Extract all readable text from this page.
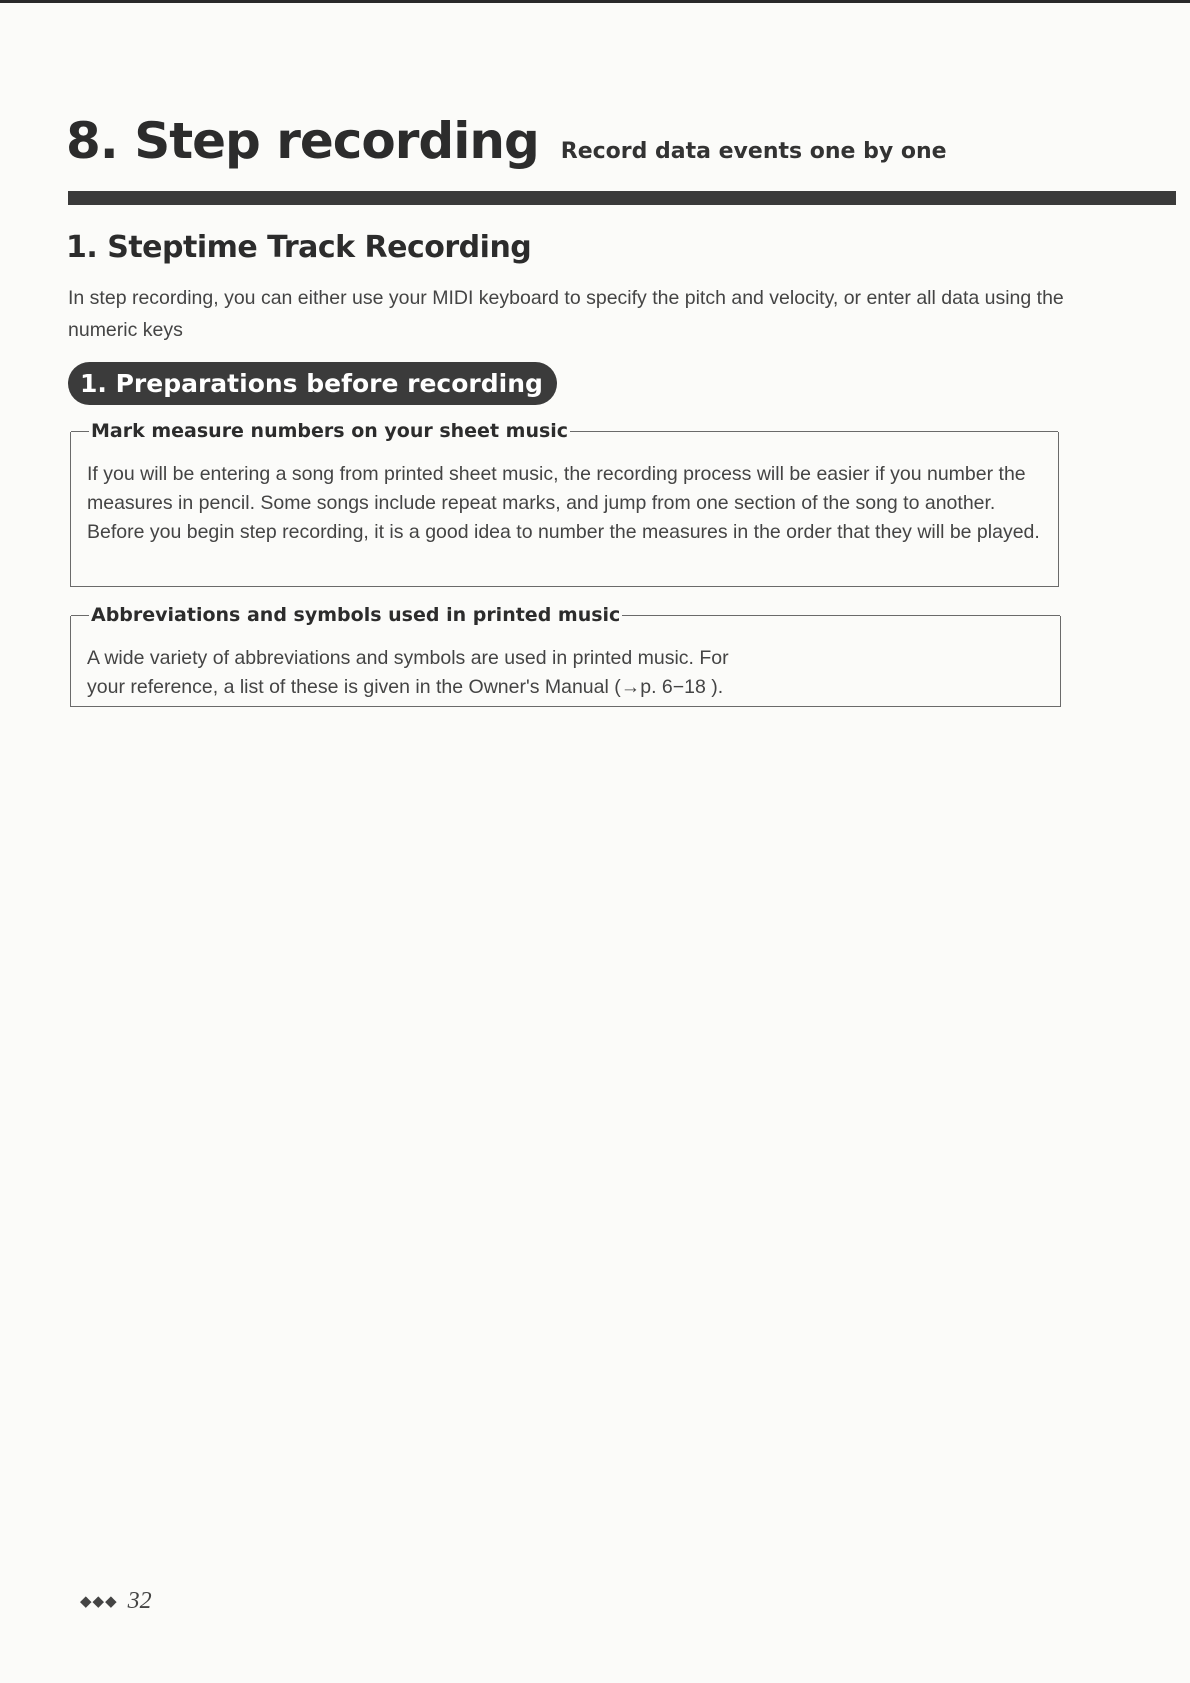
8. Step recording Record data events one by one
1. Steptime Track Recording
In step recording, you can either use your MIDI keyboard to specify the pitch and velocity, or enter all data using the numeric keys
1. Preparations before recording
Mark measure numbers on your sheet music
If you will be entering a song from printed sheet music, the recording process will be easier if you number the measures in pencil. Some songs include repeat marks, and jump from one section of the song to another. Before you begin step recording, it is a good idea to number the measures in the order that they will be played.
Abbreviations and symbols used in printed music
A wide variety of abbreviations and symbols are used in printed music. For
your reference, a list of these is given in the Owner's Manual (→p. 6−18 ).
◆◆◆ 32
